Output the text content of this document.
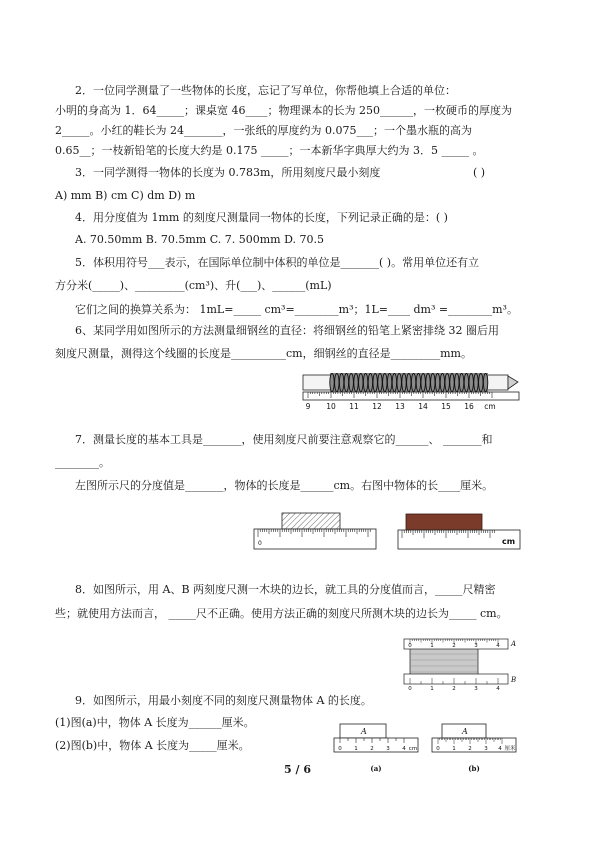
2．一位同学测量了一些物体的长度，忘记了写单位，你帮他填上合适的单位：
小明的身高为 1．64_____；课桌宽 46____；物理课本的长为 250______，一枚硬币的厚度为
2_____。小红的鞋长为 24_______，一张纸的厚度约为 0.075___；一个墨水瓶的高为
0.65__；一枝新铅笔的长度大约是 0.175 _____；一本新华字典厚大约为 3．5 _____ 。
3．一同学测得一物体的长度为 0.783m，所用刻度尺最小刻度	( )
A) mm B) cm C) dm D) m
4．用分度值为 1mm 的刻度尺测量同一物体的长度，下列记录正确的是：( )
A. 70.50mm B. 70.5mm C. 7. 500mm D. 70.5
5．体积用符号___表示，在国际单位制中体积的单位是_______( )。常用单位还有立
方分米(_____)、_________(cm³)、升(___)、______(mL)
它们之间的换算关系为： 1mL=_____ cm³=________m³；1L=____ dm³ =________m³。
6、某同学用如图所示的方法测量细钢丝的直径：将细钢丝的铅笔上紧密排绕 32 圈后用
刻度尺测量，测得这个线圈的长度是__________cm，细钢丝的直径是_________mm。
9 10 11 12 13 14 15 16 cm
7．测量长度的基本工具是_______，使用刻度尺前要注意观察它的______、 _______和
________。
左图所示尺的分度值是_______，物体的长度是______cm。右图中物体的长____厘米。
0	cm
8．如图所示，用 A、B 两刻度尺测一木块的边长，就工具的分度值而言，_____尺精密
些；就使用方法而言， _____尺不正确。使用方法正确的刻度尺所测木块的边长为_____ cm。
0	1	2	3	4
0	1	2	3	4
A
B
9．如图所示，用最小刻度不同的刻度尺测量物体 A 的长度。
(1)图(a)中，物体 A 长度为______厘米。
(2)图(b)中，物体 A 长度为_____厘米。
A
0 1 2 3 4 cm
(a)
A
0 1 2 3 4 厘米
(b)
5 / 6
